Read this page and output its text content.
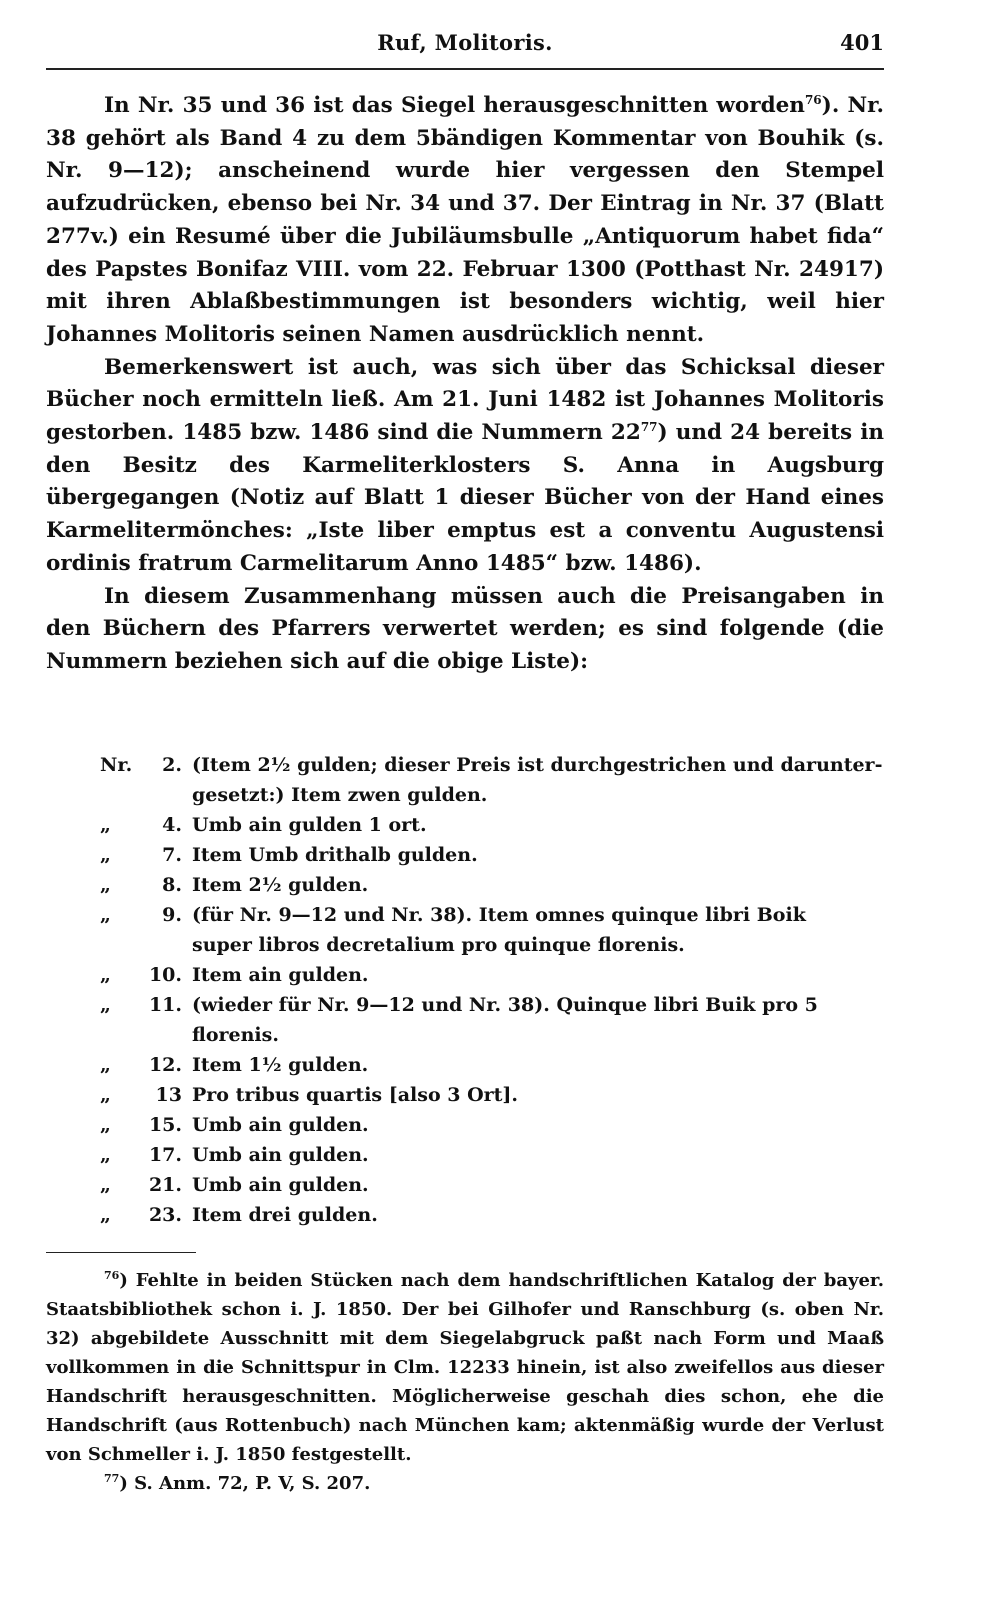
Ruf, Molitoris.	401

In Nr. 35 und 36 ist das Siegel herausgeschnitten worden$^{76}$). Nr. 38 gehört als Band 4 zu dem 5bändigen Kommentar von Bouhik (s. Nr. 9—12); anscheinend wurde hier vergessen den Stempel aufzudrücken, ebenso bei Nr. 34 und 37. Der Eintrag in Nr. 37 (Blatt 277v.) ein Resumé über die Jubiläumsbulle „Antiquorum habet fida“ des Papstes Bonifaz VIII. vom 22. Februar 1300 (Potthast Nr. 24917) mit ihren Ablaßbestimmungen ist besonders wichtig, weil hier Johannes Molitoris seinen Namen ausdrücklich nennt.

Bemerkenswert ist auch, was sich über das Schicksal dieser Bücher noch ermitteln ließ. Am 21. Juni 1482 ist Johannes Molitoris gestorben. 1485 bzw. 1486 sind die Nummern $22^{77}$) und 24 bereits in den Besitz des Karmeliterklosters S. Anna in Augsburg übergegangen (Notiz auf Blatt 1 dieser Bücher von der Hand eines Karmelitermönches: „Iste liber emptus est a conventu Augustensi ordinis fratrum Carmelitarum Anno 1485“ bzw. 1486).

In diesem Zusammenhang müssen auch die Preisangaben in den Büchern des Pfarrers verwertet werden; es sind folgende (die Nummern beziehen sich auf die obige Liste):

Nr.	2. (Item 2½ gulden; dieser Preis ist durchgestrichen und darunter-
gesetzt:) Item zwen gulden.
„	4. Umb ain gulden 1 ort.
„	7. Item Umb drithalb gulden.
„	8. Item 2½ gulden.
„	9. (für Nr. 9—12 und Nr. 38). Item omnes quinque libri Boik
super libros decretalium pro quinque florenis.
„	10. Item ain gulden.
„	11. (wieder für Nr. 9—12 und Nr. 38). Quinque libri Buik pro 5
florenis.
„	12. Item 1½ gulden.
„	13 Pro tribus quartis [also 3 Ort].
„	15. Umb ain gulden.
„	17. Umb ain gulden.
„	21. Umb ain gulden.
„	23. Item drei gulden.

$^{76}$) Fehlte in beiden Stücken nach dem handschriftlichen Katalog der bayer. Staatsbibliothek schon i. J. 1850. Der bei Gilhofer und Ranschburg (s. oben Nr. 32) abgebildete Ausschnitt mit dem Siegelabgruck paßt nach Form und Maaß vollkommen in die Schnittspur in Clm. 12233 hinein, ist also zweifellos aus dieser Handschrift herausgeschnitten. Möglicherweise geschah dies schon, ehe die Handschrift (aus Rottenbuch) nach München kam; aktenmäßig wurde der Verlust von Schmeller i. J. 1850 festgestellt.

$^{77}$) S. Anm. 72, P. V, S. 207.
